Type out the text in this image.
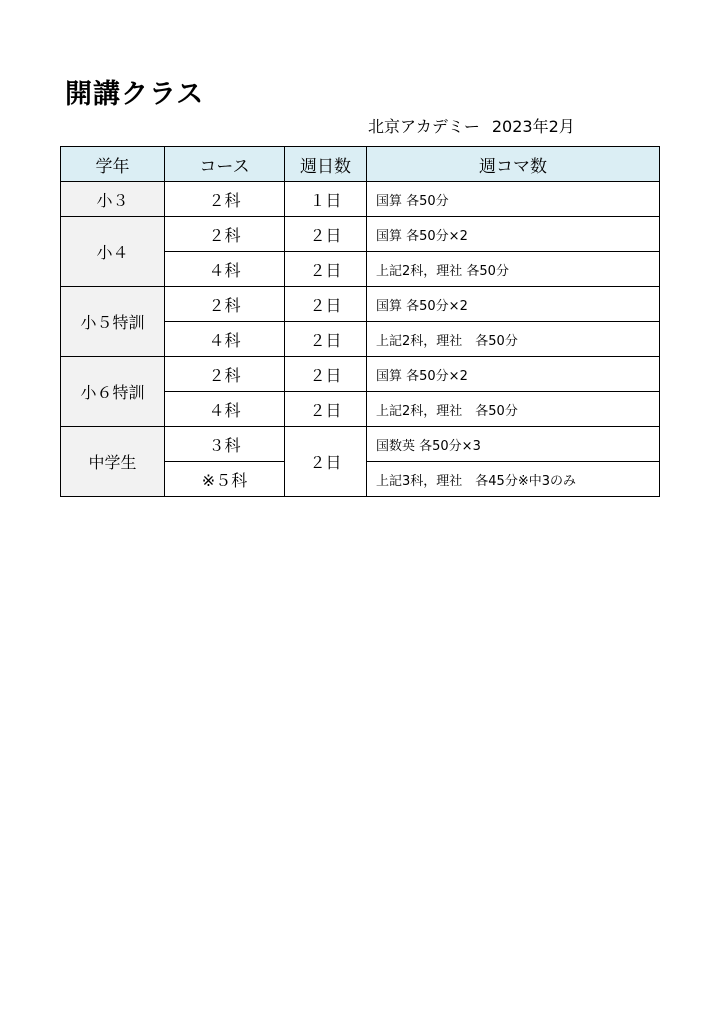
開講クラス
北京アカデミー 2023年2月
学年	コース	週日数	週コマ数
小３	２科	１日	国算 各50分
小４	２科	２日	国算 各50分×2
	４科	２日	上記2科，理社 各50分
小５特訓	２科	２日	国算 各50分×2
	４科	２日	上記2科，理社　各50分
小６特訓	２科	２日	国算 各50分×2
	４科	２日	上記2科，理社　各50分
中学生	３科	２日	国数英 各50分×3
	※５科		上記3科，理社　各45分※中3のみ
